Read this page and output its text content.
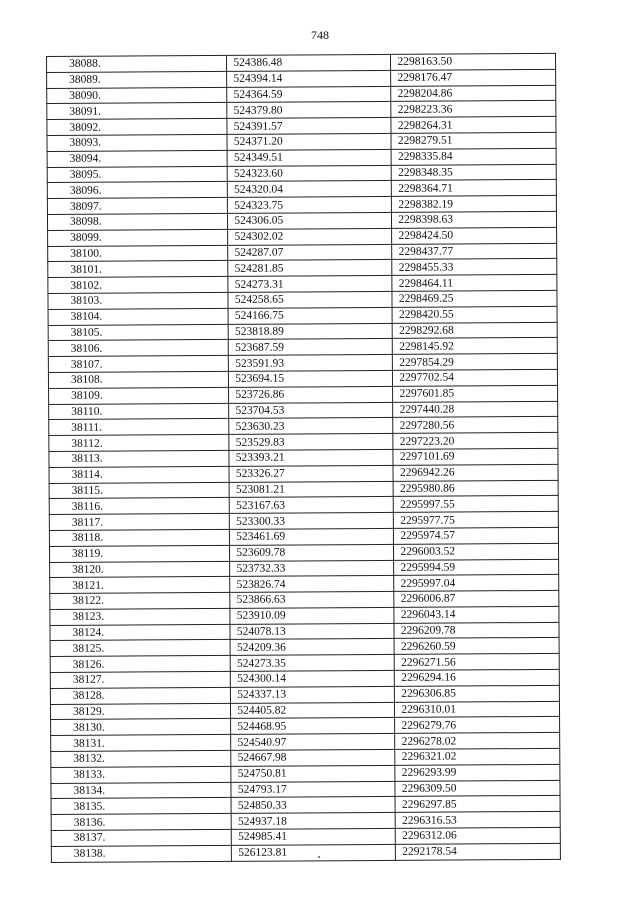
748
38088.	524386.48	2298163.50
38089.	524394.14	2298176.47
38090.	524364.59	2298204.86
38091.	524379.80	2298223.36
38092.	524391.57	2298264.31
38093.	524371.20	2298279.51
38094.	524349.51	2298335.84
38095.	524323.60	2298348.35
38096.	524320.04	2298364.71
38097.	524323.75	2298382.19
38098.	524306.05	2298398.63
38099.	524302.02	2298424.50
38100.	524287.07	2298437.77
38101.	524281.85	2298455.33
38102.	524273.31	2298464.11
38103.	524258.65	2298469.25
38104.	524166.75	2298420.55
38105.	523818.89	2298292.68
38106.	523687.59	2298145.92
38107.	523591.93	2297854.29
38108.	523694.15	2297702.54
38109.	523726.86	2297601.85
38110.	523704.53	2297440.28
38111.	523630.23	2297280.56
38112.	523529.83	2297223.20
38113.	523393.21	2297101.69
38114.	523326.27	2296942.26
38115.	523081.21	2295980.86
38116.	523167.63	2295997.55
38117.	523300.33	2295977.75
38118.	523461.69	2295974.57
38119.	523609.78	2296003.52
38120.	523732.33	2295994.59
38121.	523826.74	2295997.04
38122.	523866.63	2296006.87
38123.	523910.09	2296043.14
38124.	524078.13	2296209.78
38125.	524209.36	2296260.59
38126.	524273.35	2296271.56
38127.	524300.14	2296294.16
38128.	524337.13	2296306.85
38129.	524405.82	2296310.01
38130.	524468.95	2296279.76
38131.	524540.97	2296278.02
38132.	524667.98	2296321.02
38133.	524750.81	2296293.99
38134.	524793.17	2296309.50
38135.	524850.33	2296297.85
38136.	524937.18	2296316.53
38137.	524985.41	2296312.06
38138.	526123.81	2292178.54
